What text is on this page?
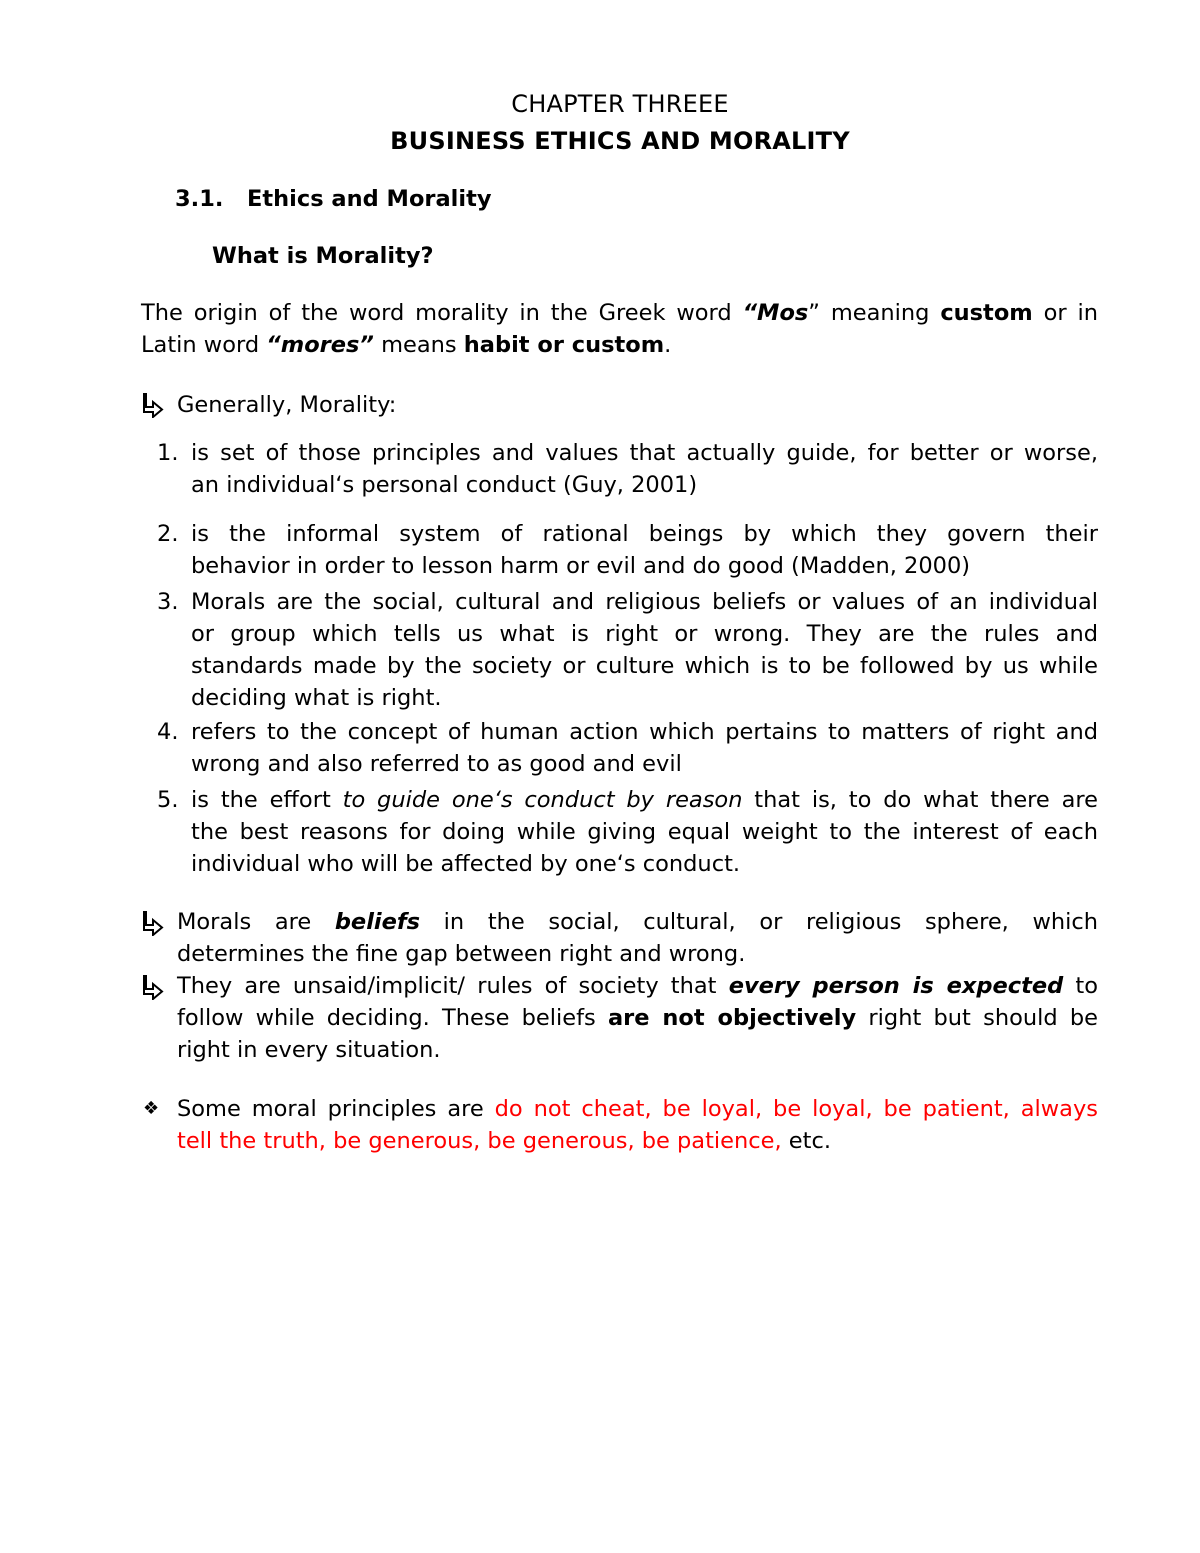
CHAPTER THREEE
BUSINESS ETHICS AND MORALITY
3.1. Ethics and Morality
What is Morality?
The origin of the word morality in the Greek word “Mos” meaning custom or in
Latin word “mores” means habit or custom.
Generally, Morality:
1. is set of those principles and values that actually guide, for better or worse,
an individual‘s personal conduct (Guy, 2001)
2. is the informal system of rational beings by which they govern their
behavior in order to lesson harm or evil and do good (Madden, 2000)
3. Morals are the social, cultural and religious beliefs or values of an individual
or group which tells us what is right or wrong. They are the rules and
standards made by the society or culture which is to be followed by us while
deciding what is right.
4. refers to the concept of human action which pertains to matters of right and
wrong and also referred to as good and evil
5. is the effort to guide one‘s conduct by reason that is, to do what there are
the best reasons for doing while giving equal weight to the interest of each
individual who will be affected by one‘s conduct.
Morals are beliefs in the social, cultural, or religious sphere, which
determines the fine gap between right and wrong.
They are unsaid/implicit/ rules of society that every person is expected to
follow while deciding. These beliefs are not objectively right but should be
right in every situation.
❖ Some moral principles are do not cheat, be loyal, be loyal, be patient, always
tell the truth, be generous, be generous, be patience, etc.
